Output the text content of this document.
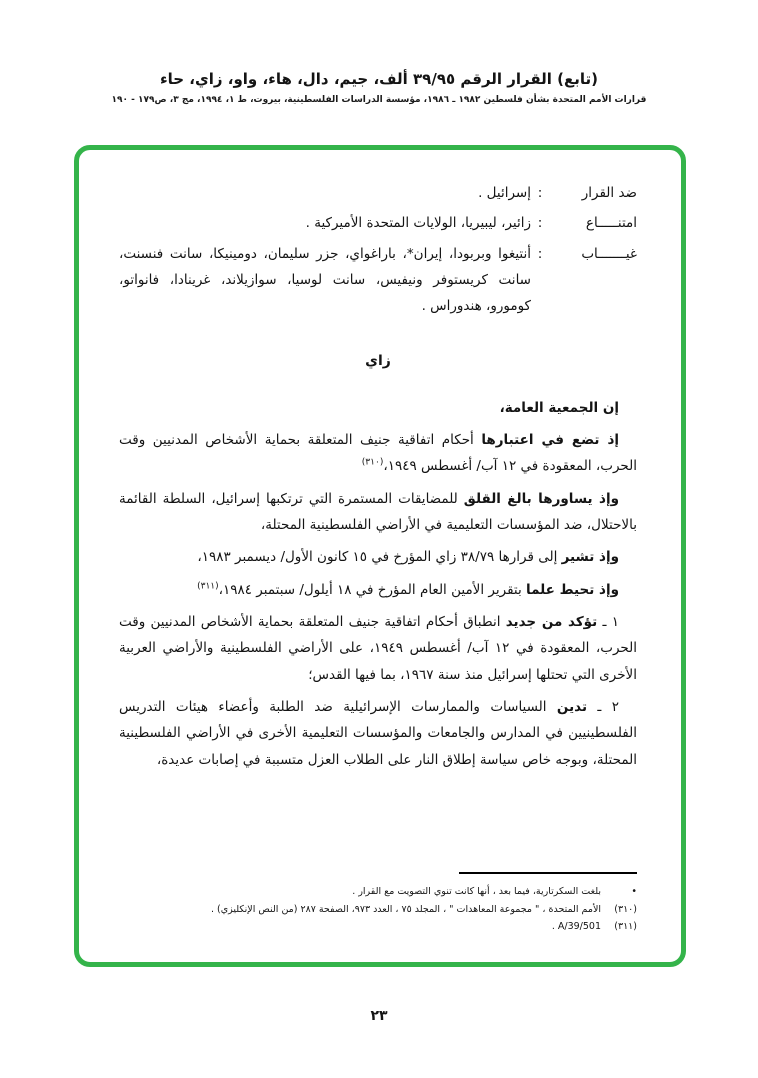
(تابع) القرار الرقم ٣٩/٩٥ ألف، جيم، دال، هاء، واو، زاي، حاء
قرارات الأمم المتحدة بشأن فلسطين ١٩٨٢ ـ ١٩٨٦، مؤسسة الدراسات الفلسطينية، بيروت، ط ١، ١٩٩٤، مج ٣، ص١٧٩ - ١٩٠
ضد القرار
:
إسرائيل .
امتنـــــاع
:
زائير، ليبيريا، الولايات المتحدة الأميركية .
غيـــــــاب
:
أنتيغوا وبربودا، إيران*، باراغواي، جزر سليمان، دومينيكا، سانت فنسنت، سانت كريستوفر ونيفيس، سانت لوسيا، سوازيلاند، غرينادا، فانواتو، كومورو، هندوراس .
زاي

إن الجمعية العامة،

إذ تضع في اعتبارها أحكام اتفاقية جنيف المتعلقة بحماية الأشخاص المدنيين وقت الحرب، المعقودة في ١٢ آب/ أغسطس ١٩٤٩،$^{(٣١٠)}$

وإذ يساورها بالغ القلق للمضايقات المستمرة التي ترتكبها إسرائيل، السلطة القائمة بالاحتلال، ضد المؤسسات التعليمية في الأراضي الفلسطينية المحتلة،

وإذ تشير إلى قرارها ٣٨/٧٩ زاي المؤرخ في ١٥ كانون الأول/ ديسمبر ١٩٨٣،

وإذ تحيط علما بتقرير الأمين العام المؤرخ في ١٨ أيلول/ سبتمبر ١٩٨٤،$^{(٣١١)}$

١ ـ تؤكد من جديد انطباق أحكام اتفاقية جنيف المتعلقة بحماية الأشخاص المدنيين وقت الحرب، المعقودة في ١٢ آب/ أغسطس ١٩٤٩، على الأراضي الفلسطينية والأراضي العربية الأخرى التي تحتلها إسرائيل منذ سنة ١٩٦٧، بما فيها القدس؛

٢ ـ تدين السياسات والممارسات الإسرائيلية ضد الطلبة وأعضاء هيئات التدريس الفلسطينيين في المدارس والجامعات والمؤسسات التعليمية الأخرى في الأراضي الفلسطينية المحتلة، وبوجه خاص سياسة إطلاق النار على الطلاب العزل متسببة في إصابات عديدة،

•
بلغت السكرتارية، فيما بعد ، أنها كانت تنوي التصويت مع القرار .
(٣١٠)
الأمم المتحدة ، " مجموعة المعاهدات " ، المجلد ٧٥ ، العدد ٩٧٣، الصفحة ٢٨٧ (من النص الإنكليزي) .
(٣١١)
A/39/501 .
٢٣
